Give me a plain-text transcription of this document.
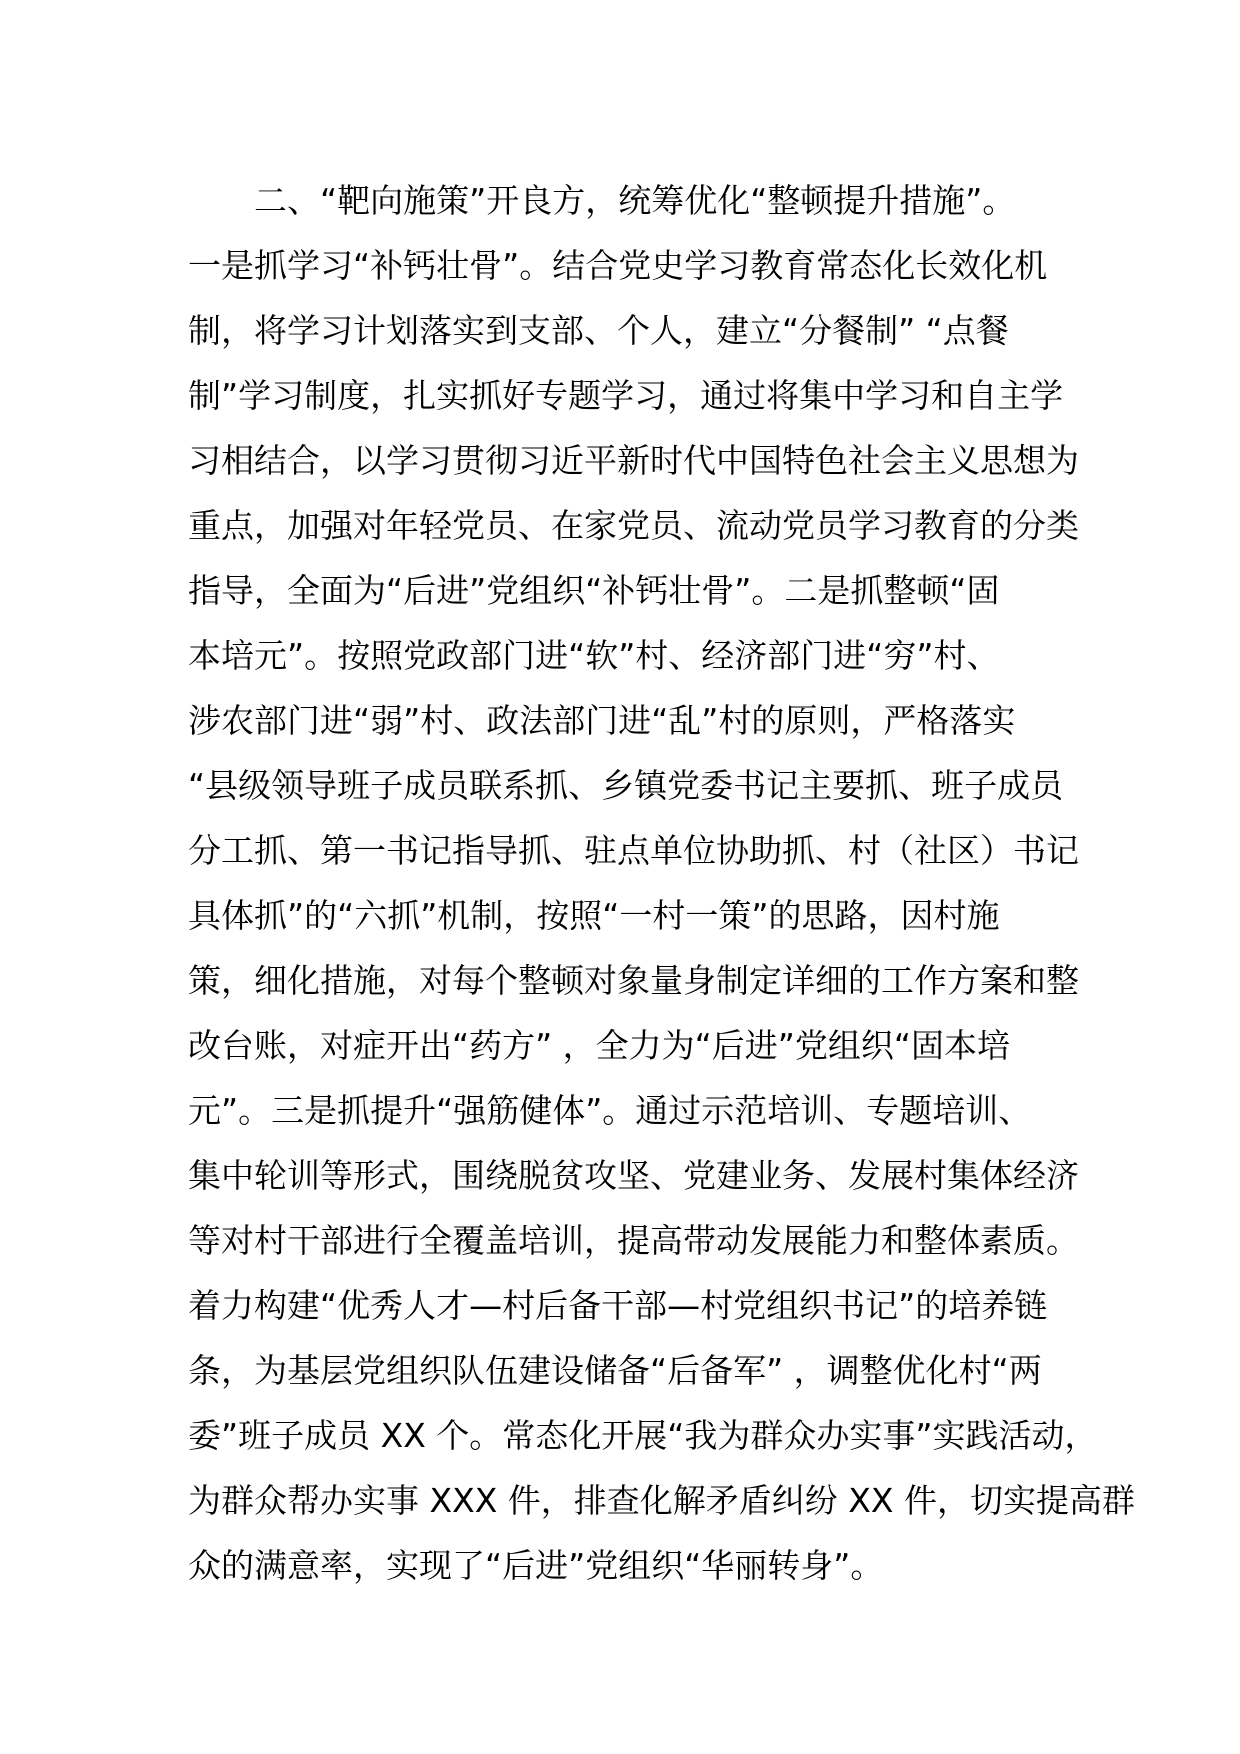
二、“靶向施策”开良方，统筹优化“整顿提升措施”。
一是抓学习“补钙壮骨”。结合党史学习教育常态化长效化机
制，将学习计划落实到支部、个人，建立“分餐制” “点餐
制”学习制度，扎实抓好专题学习，通过将集中学习和自主学
习相结合，以学习贯彻习近平新时代中国特色社会主义思想为
重点，加强对年轻党员、在家党员、流动党员学习教育的分类
指导，全面为“后进”党组织“补钙壮骨”。二是抓整顿“固
本培元”。按照党政部门进“软”村、经济部门进“穷”村、
涉农部门进“弱”村、政法部门进“乱”村的原则，严格落实
“县级领导班子成员联系抓、乡镇党委书记主要抓、班子成员
分工抓、第一书记指导抓、驻点单位协助抓、村（社区）书记
具体抓”的“六抓”机制，按照“一村一策”的思路，因村施
策，细化措施，对每个整顿对象量身制定详细的工作方案和整
改台账，对症开出“药方” ，全力为“后进”党组织“固本培
元”。三是抓提升“强筋健体”。通过示范培训、专题培训、
集中轮训等形式，围绕脱贫攻坚、党建业务、发展村集体经济
等对村干部进行全覆盖培训，提高带动发展能力和整体素质。
着力构建“优秀人才—村后备干部—村党组织书记”的培养链
条，为基层党组织队伍建设储备“后备军” ，调整优化村“两
委”班子成员 XX 个。常态化开展“我为群众办实事”实践活动，
为群众帮办实事 XXX 件，排查化解矛盾纠纷 XX 件，切实提高群
众的满意率，实现了“后进”党组织“华丽转身”。
